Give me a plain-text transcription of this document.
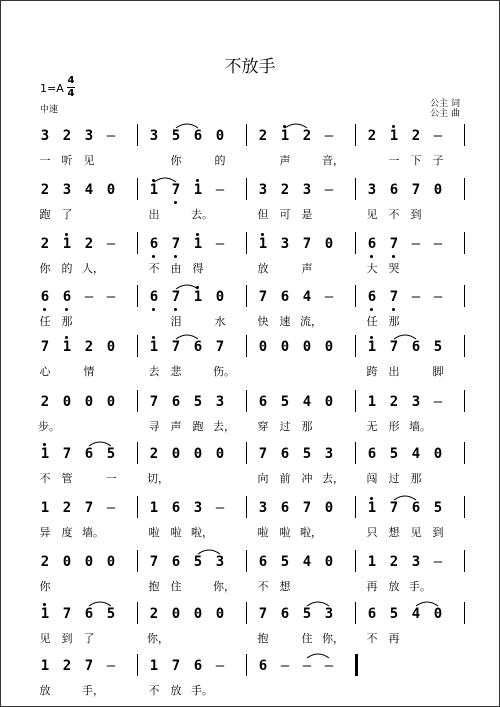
不放手
1=A
4
4
中速
公主 词
公主 曲
3 2 3 – 3 5 6 0 2 1 2 – 2 1 2 –
一 听 见	你	的	声	音，	一 下 子
2 3 4 0 1 7 1 – 3 2 3 – 3 6 7 0
跑 了	出	去。	但 可 是	见 不 到
2 1 2 – 6 7 1 – 1 3 7 0 6 7 – –
你 的 人，	不 由 得	放	声	大 哭
6 6 – – 6 7 1 0 7 6 4 – 6 7 – –
任 那	泪	水	快 速 流，	任 那
7 1 2 0 1 7 6 7 0 0 0 0 1 7 6 5
心	情	去 悲	伤。	跨 出	脚
2 0 0 0 7 6 5 3 6 5 4 0 1 2 3 –
步。	寻 声 跑 去， 穿 过 那	无 形 墙。
1 7 6 5 2 0 0 0 7 6 5 3 6 5 4 0
不 管	一	切，	向 前 冲 去， 闯 过 那
1 2 7 – 1 6 3 – 3 6 7 0 1 7 6 5
异 度 墙。	啦 啦 啦，	啦 啦 啦，	只 想 见 到
2 0 0 0 7 6 5 3 6 5 4 0 1 2 3 –
你	抱 住	你， 不 想	再 放 手。
1 7 6 5 2 0 0 0 7 6 5 3 6 5 4 0
见 到 了	你，	抱	住 你， 不 再
1 2 7 – 1 7 6 – 6 – – –
放	手，	不 放 手。
